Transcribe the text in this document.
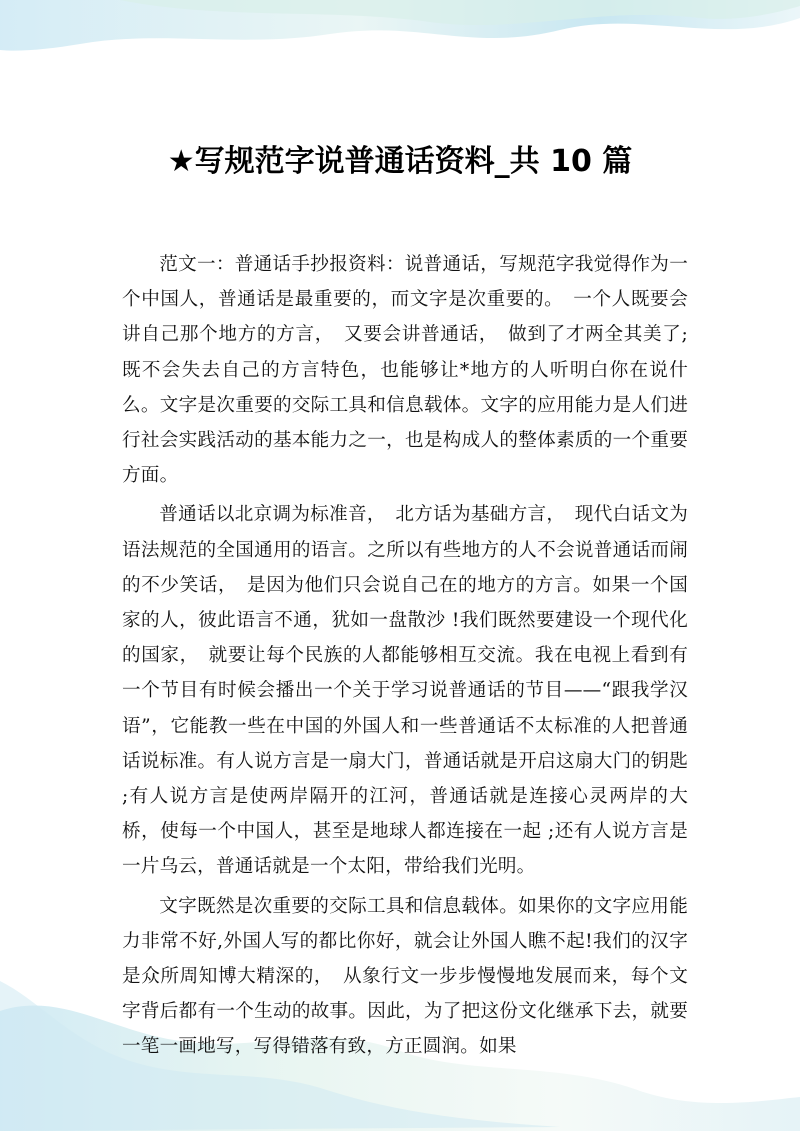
★写规范字说普通话资料_共 10 篇

范文一：普通话手抄报资料：说普通话，写规范字我觉得作为一个中国人，普通话是最重要的，而文字是次重要的。　一个人既要会讲自己那个地方的方言，　又要会讲普通话，　做到了才两全其美了;既不会失去自己的方言特色，也能够让*地方的人听明白你在说什么。文字是次重要的交际工具和信息载体。文字的应用能力是人们进行社会实践活动的基本能力之一，也是构成人的整体素质的一个重要方面。

普通话以北京调为标准音，　北方话为基础方言，　现代白话文为语法规范的全国通用的语言。之所以有些地方的人不会说普通话而闹的不少笑话，　是因为他们只会说自己在的地方的方言。如果一个国家的人，彼此语言不通，犹如一盘散沙 !我们既然要建设一个现代化的国家，　就要让每个民族的人都能够相互交流。我在电视上看到有一个节目有时候会播出一个关于学习说普通话的节目——“跟我学汉语”，它能教一些在中国的外国人和一些普通话不太标准的人把普通话说标准。有人说方言是一扇大门，普通话就是开启这扇大门的钥匙 ;有人说方言是使两岸隔开的江河，普通话就是连接心灵两岸的大桥，使每一个中国人，甚至是地球人都连接在一起 ;还有人说方言是一片乌云，普通话就是一个太阳，带给我们光明。

文字既然是次重要的交际工具和信息载体。如果你的文字应用能力非常不好,外国人写的都比你好，就会让外国人瞧不起!我们的汉字是众所周知博大精深的，　从象行文一步步慢慢地发展而来，每个文字背后都有一个生动的故事。因此，为了把这份文化继承下去，就要一笔一画地写，写得错落有致，方正圆润。如果
